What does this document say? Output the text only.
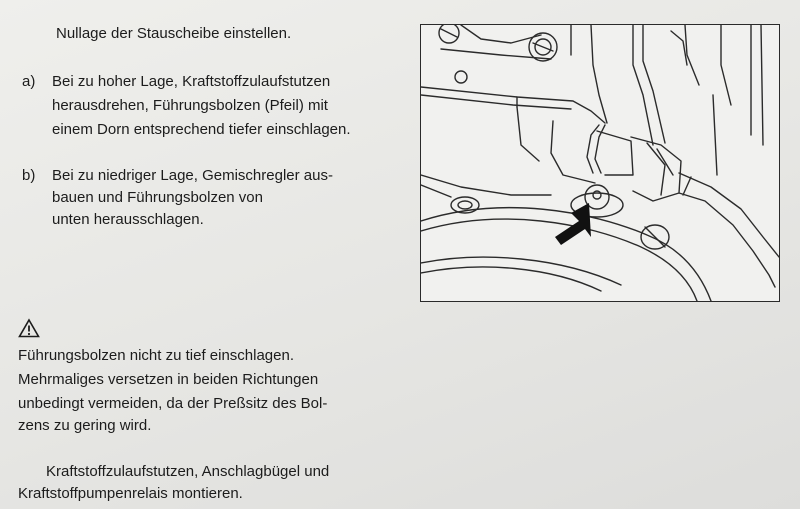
Nullage der Stauscheibe einstellen.
a) Bei zu hoher Lage, Kraftstoffzulaufstutzen
herausdrehen, Führungsbolzen (Pfeil) mit
einem Dorn entsprechend tiefer einschlagen.
b) Bei zu niedriger Lage, Gemischregler aus-
bauen und Führungsbolzen von
unten herausschlagen.
Führungsbolzen nicht zu tief einschlagen.
Mehrmaliges versetzen in beiden Richtungen
unbedingt vermeiden, da der Preßsitz des Bol-
zens zu gering wird.
Kraftstoffzulaufstutzen, Anschlagbügel und
Kraftstoffpumpenrelais montieren.
